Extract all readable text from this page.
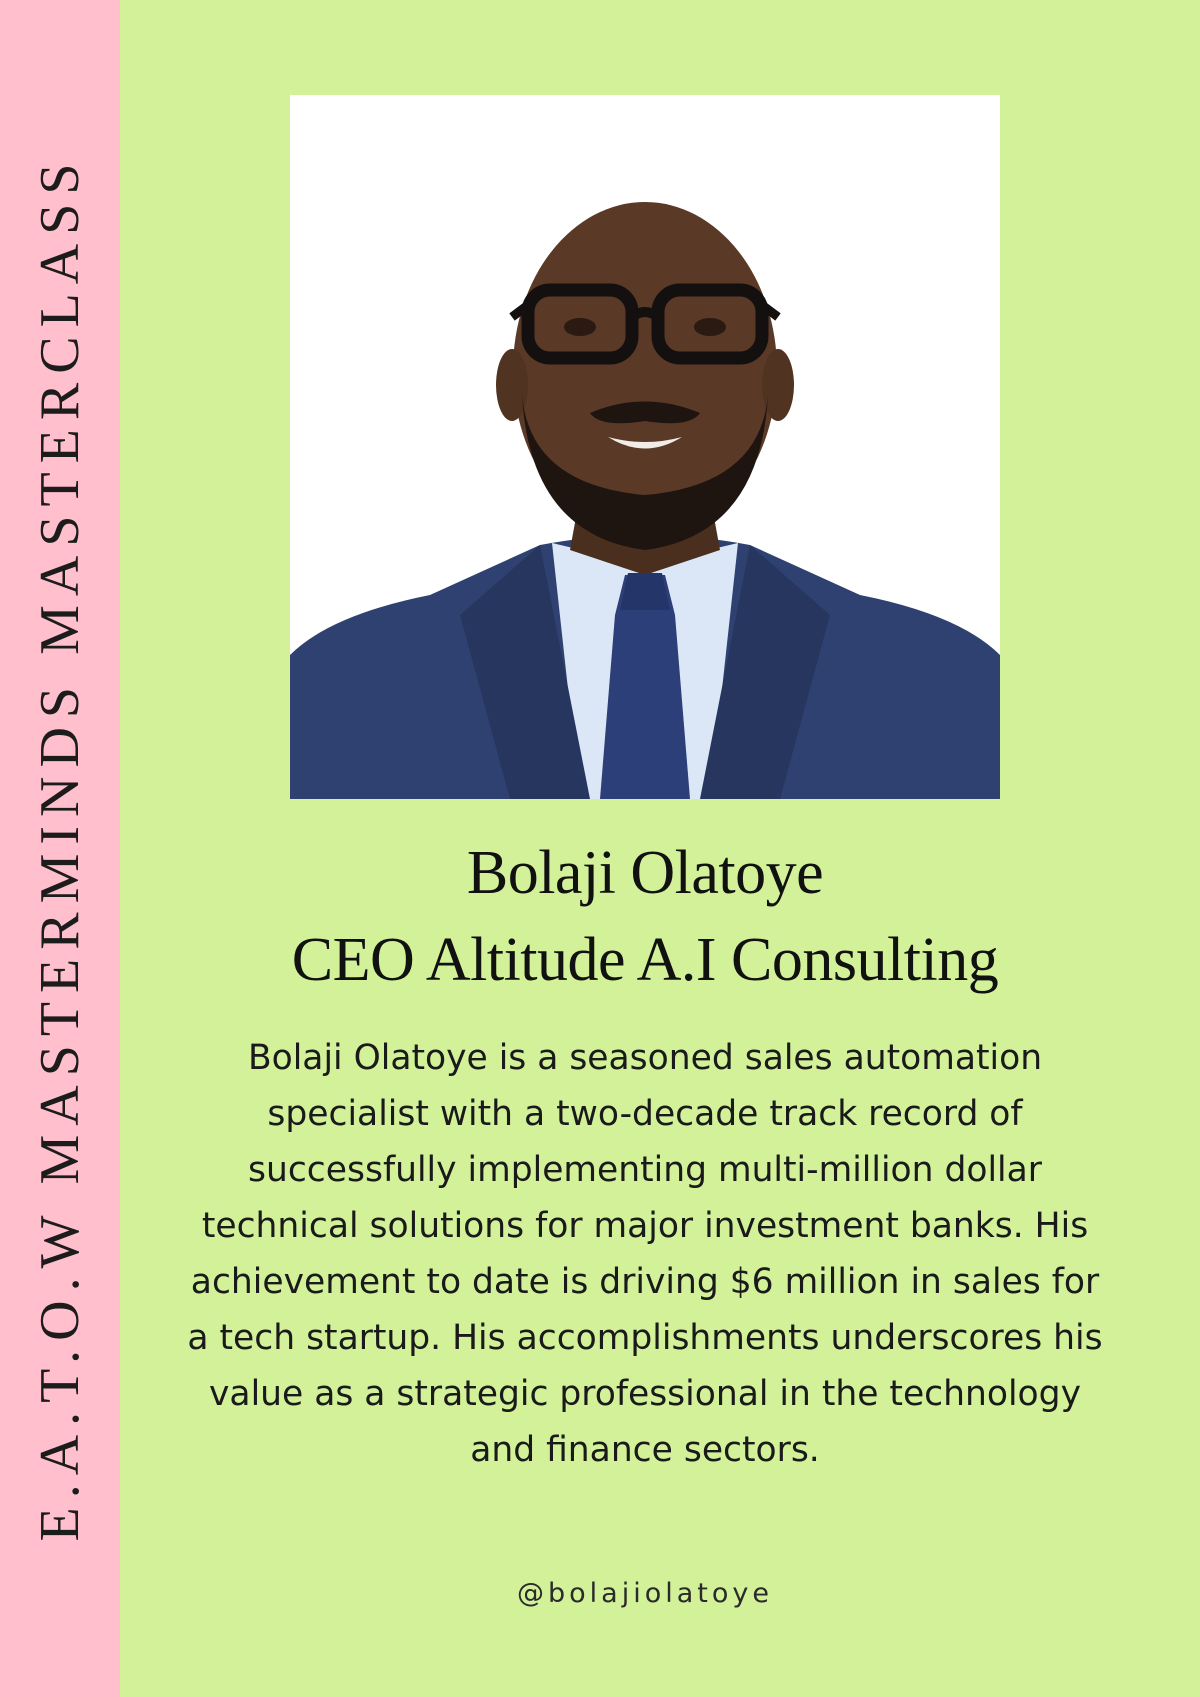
E.A.T.O.W MASTERMINDS MASTERCLASS	Bolaji Olatoye
CEO Altitude A.I Consulting
Bolaji Olatoye is a seasoned sales automation specialist with a two-decade track record of successfully implementing multi-million dollar technical solutions for major investment banks. His achievement to date is driving $6 million in sales for a tech startup. His accomplishments underscores his value as a strategic professional in the technology and finance sectors.
@bolajiolatoye
